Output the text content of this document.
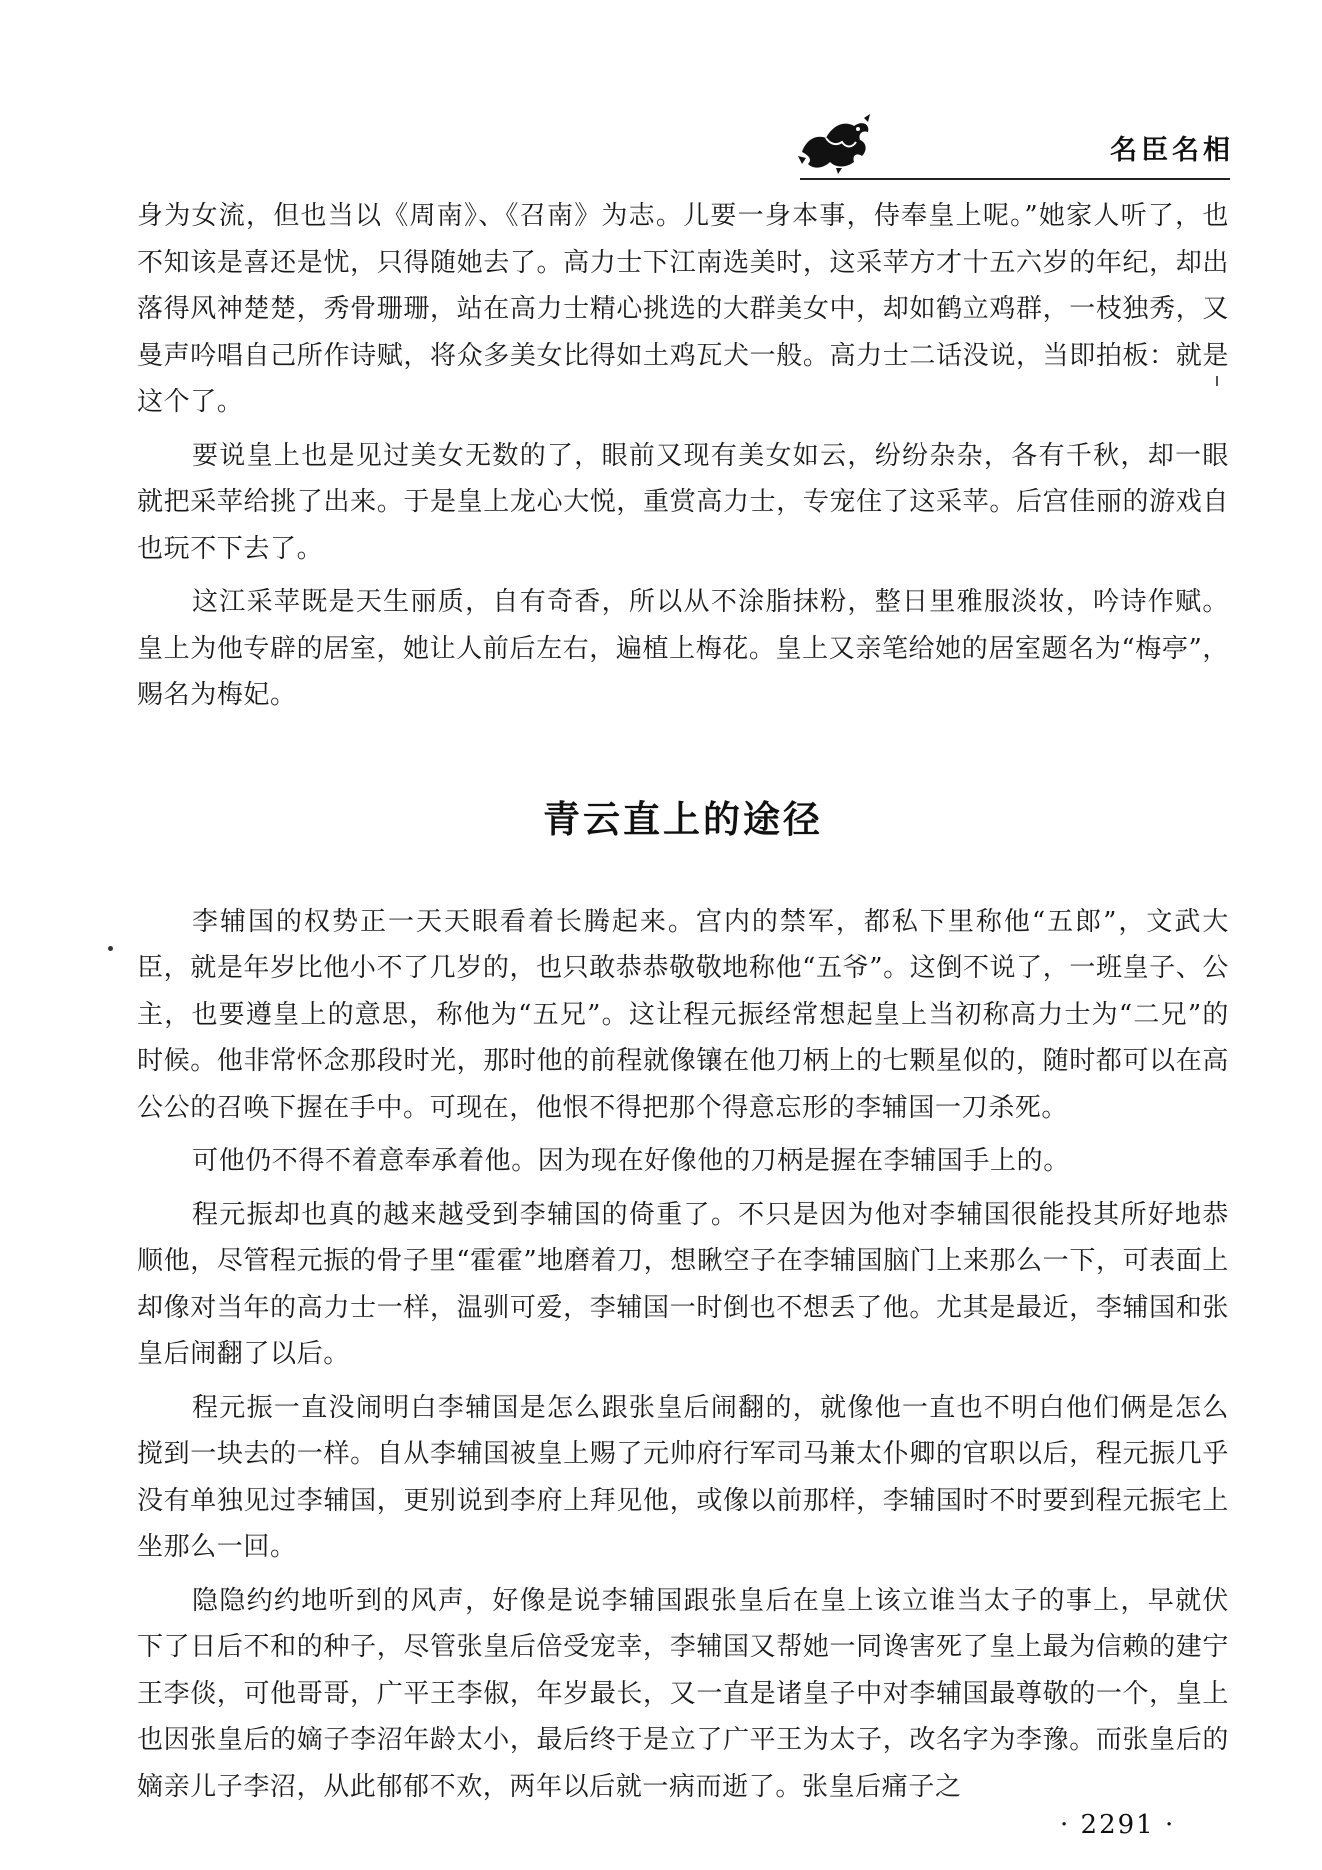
名臣名相

身为女流，但也当以《周南》、《召南》为志。儿要一身本事，侍奉皇上呢。”她家人听了，也不知该是喜还是忧，只得随她去了。高力士下江南选美时，这采苹方才十五六岁的年纪，却出落得风神楚楚，秀骨珊珊，站在高力士精心挑选的大群美女中，却如鹤立鸡群，一枝独秀，又曼声吟唱自己所作诗赋，将众多美女比得如土鸡瓦犬一般。高力士二话没说，当即拍板：就是这个了。

要说皇上也是见过美女无数的了，眼前又现有美女如云，纷纷杂杂，各有千秋，却一眼就把采苹给挑了出来。于是皇上龙心大悦，重赏高力士，专宠住了这采苹。后宫佳丽的游戏自也玩不下去了。

这江采苹既是天生丽质，自有奇香，所以从不涂脂抹粉，整日里雅服淡妆，吟诗作赋。皇上为他专辟的居室，她让人前后左右，遍植上梅花。皇上又亲笔给她的居室题名为“梅亭”，赐名为梅妃。

青云直上的途径

李辅国的权势正一天天眼看着长腾起来。宫内的禁军，都私下里称他“五郎”，文武大臣，就是年岁比他小不了几岁的，也只敢恭恭敬敬地称他“五爷”。这倒不说了，一班皇子、公主，也要遵皇上的意思，称他为“五兄”。这让程元振经常想起皇上当初称高力士为“二兄”的时候。他非常怀念那段时光，那时他的前程就像镶在他刀柄上的七颗星似的，随时都可以在高公公的召唤下握在手中。可现在，他恨不得把那个得意忘形的李辅国一刀杀死。

可他仍不得不着意奉承着他。因为现在好像他的刀柄是握在李辅国手上的。

程元振却也真的越来越受到李辅国的倚重了。不只是因为他对李辅国很能投其所好地恭顺他，尽管程元振的骨子里“霍霍”地磨着刀，想瞅空子在李辅国脑门上来那么一下，可表面上却像对当年的高力士一样，温驯可爱，李辅国一时倒也不想丢了他。尤其是最近，李辅国和张皇后闹翻了以后。

程元振一直没闹明白李辅国是怎么跟张皇后闹翻的，就像他一直也不明白他们俩是怎么搅到一块去的一样。自从李辅国被皇上赐了元帅府行军司马兼太仆卿的官职以后，程元振几乎没有单独见过李辅国，更别说到李府上拜见他，或像以前那样，李辅国时不时要到程元振宅上坐那么一回。

隐隐约约地听到的风声，好像是说李辅国跟张皇后在皇上该立谁当太子的事上，早就伏下了日后不和的种子，尽管张皇后倍受宠幸，李辅国又帮她一同谗害死了皇上最为信赖的建宁王李倓，可他哥哥，广平王李俶，年岁最长，又一直是诸皇子中对李辅国最尊敬的一个，皇上也因张皇后的嫡子李沼年龄太小，最后终于是立了广平王为太子，改名字为李豫。而张皇后的嫡亲儿子李沼，从此郁郁不欢，两年以后就一病而逝了。张皇后痛子之

· 2291 ·
